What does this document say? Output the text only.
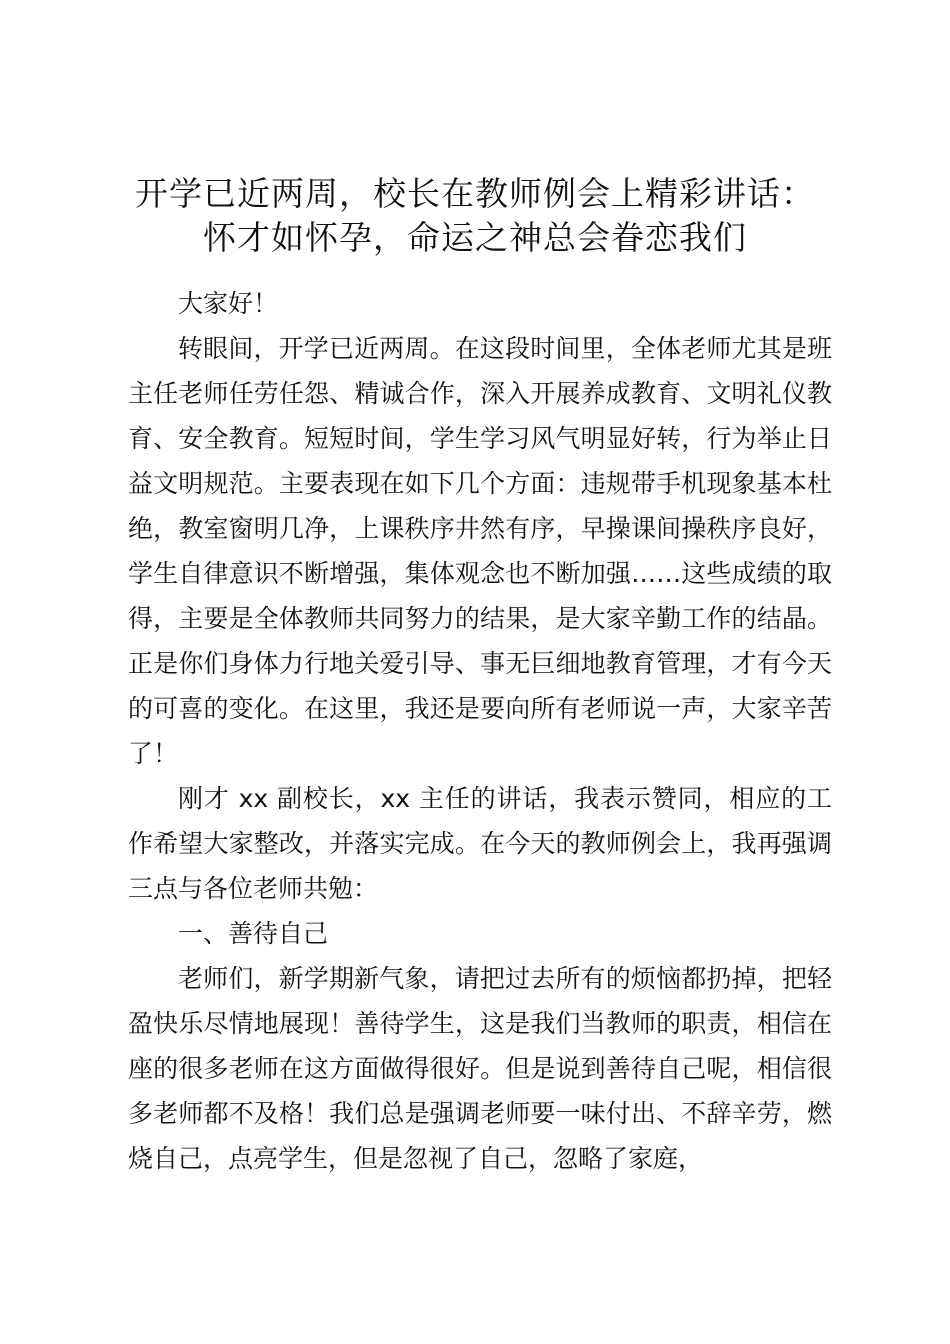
开学已近两周，校长在教师例会上精彩讲话：
怀才如怀孕，命运之神总会眷恋我们

大家好！

转眼间，开学已近两周。在这段时间里，全体老师尤其是班主任老师任劳任怨、精诚合作，深入开展养成教育、文明礼仪教育、安全教育。短短时间，学生学习风气明显好转，行为举止日益文明规范。主要表现在如下几个方面：违规带手机现象基本杜绝，教室窗明几净，上课秩序井然有序，早操课间操秩序良好，学生自律意识不断增强，集体观念也不断加强……这些成绩的取得，主要是全体教师共同努力的结果，是大家辛勤工作的结晶。正是你们身体力行地关爱引导、事无巨细地教育管理，才有今天的可喜的变化。在这里，我还是要向所有老师说一声，大家辛苦了！

刚才 xx 副校长，xx 主任的讲话，我表示赞同，相应的工作希望大家整改，并落实完成。在今天的教师例会上，我再强调三点与各位老师共勉：

一、善待自己

老师们，新学期新气象，请把过去所有的烦恼都扔掉，把轻盈快乐尽情地展现！善待学生，这是我们当教师的职责，相信在座的很多老师在这方面做得很好。但是说到善待自己呢，相信很多老师都不及格！我们总是强调老师要一味付出、不辞辛劳，燃烧自己，点亮学生，但是忽视了自己，忽略了家庭，
